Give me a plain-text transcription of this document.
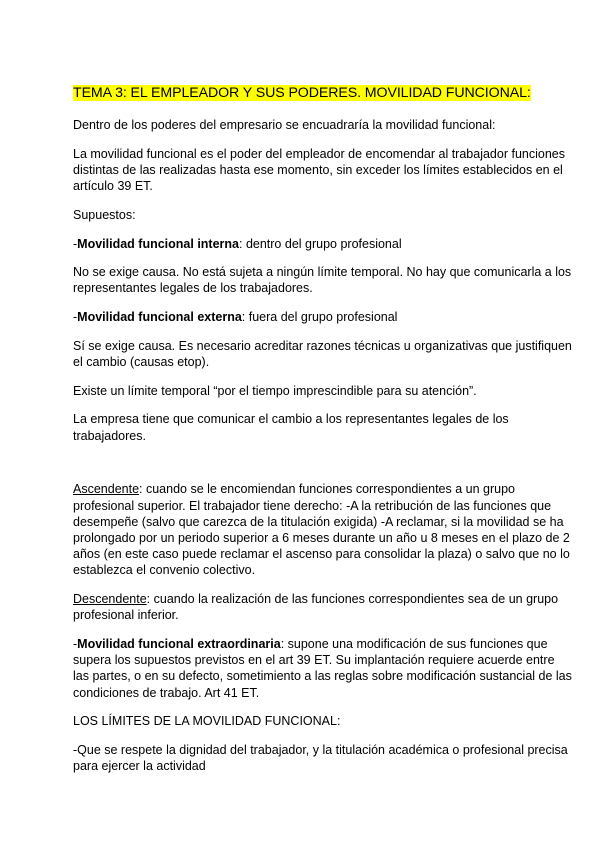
TEMA 3: EL EMPLEADOR Y SUS PODERES. MOVILIDAD FUNCIONAL:

Dentro de los poderes del empresario se encuadraría la movilidad funcional:

La movilidad funcional es el poder del empleador de encomendar al trabajador funciones distintas de las realizadas hasta ese momento, sin exceder los límites establecidos en el artículo 39 ET.

Supuestos:

-Movilidad funcional interna: dentro del grupo profesional

No se exige causa. No está sujeta a ningún límite temporal. No hay que comunicarla a los representantes legales de los trabajadores.

-Movilidad funcional externa: fuera del grupo profesional

Sí se exige causa. Es necesario acreditar razones técnicas u organizativas que justifiquen el cambio (causas etop).

Existe un límite temporal “por el tiempo imprescindible para su atención”.

La empresa tiene que comunicar el cambio a los representantes legales de los trabajadores.

Ascendente: cuando se le encomiendan funciones correspondientes a un grupo profesional superior. El trabajador tiene derecho: -A la retribución de las funciones que desempeñe (salvo que carezca de la titulación exigida) -A reclamar, si la movilidad se ha prolongado por un periodo superior a 6 meses durante un año u 8 meses en el plazo de 2 años (en este caso puede reclamar el ascenso para consolidar la plaza) o salvo que no lo establezca el convenio colectivo.

Descendente: cuando la realización de las funciones correspondientes sea de un grupo profesional inferior.

-Movilidad funcional extraordinaria: supone una modificación de sus funciones que supera los supuestos previstos en el art 39 ET. Su implantación requiere acuerde entre las partes, o en su defecto, sometimiento a las reglas sobre modificación sustancial de las condiciones de trabajo. Art 41 ET.

LOS LÍMITES DE LA MOVILIDAD FUNCIONAL:

-Que se respete la dignidad del trabajador, y la titulación académica o profesional precisa para ejercer la actividad
